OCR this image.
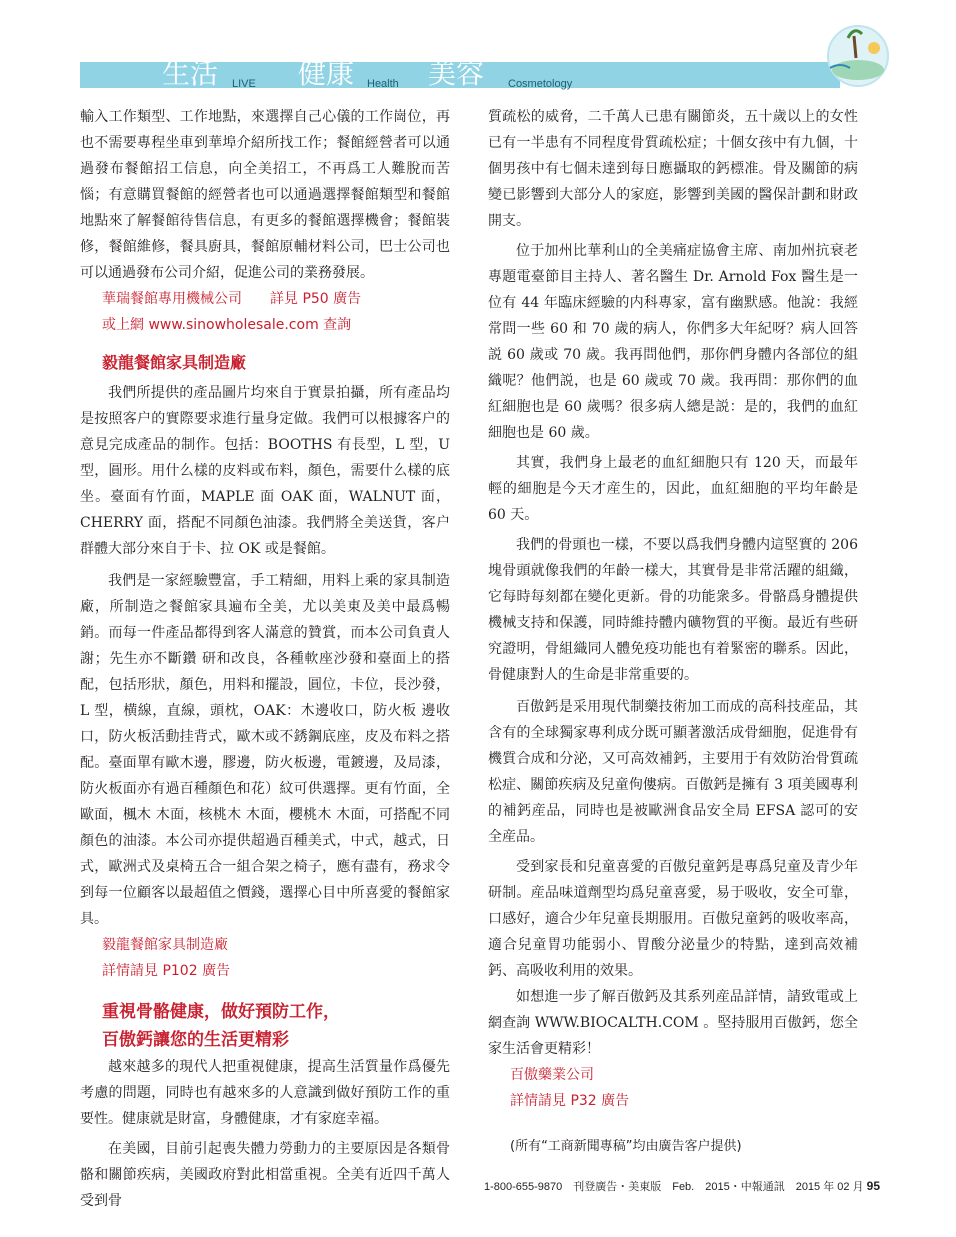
生活 LIVE 健康 Health 美容 Cosmetology

輸入工作類型、工作地點，來選擇自己心儀的工作崗位，再也不需要專程坐車到華埠介紹所找工作；餐館經營者可以通過發布餐館招工信息，向全美招工，不再爲工人難脫而苦惱；有意購買餐館的經營者也可以通過選擇餐館類型和餐館地點來了解餐館待售信息，有更多的餐館選擇機會；餐館裝修，餐館維修，餐具廚具，餐館原輔材料公司，巴士公司也可以通過發布公司介紹，促進公司的業務發展。

華瑞餐館專用機械公司　　詳見 P50 廣告
或上網 www.sinowholesale.com 查詢
毅龍餐館家具制造廠

我們所提供的產品圖片均來自于實景拍攝，所有產品均是按照客户的實際要求進行量身定做。我們可以根據客户的意見完成產品的制作。包括：BOOTHS 有長型，L 型，U 型，圓形。用什么樣的皮料或布料，顏色，需要什么樣的底坐。臺面有竹面，MAPLE 面 OAK 面，WALNUT 面，CHERRY 面，搭配不同顏色油漆。我們將全美送貨，客户群體大部分來自于卡、拉 OK 或是餐館。

我們是一家經驗豐富，手工精細，用料上乘的家具制造廠，所制造之餐館家具遍布全美，尤以美東及美中最爲暢銷。而每一件產品都得到客人滿意的贊賞，而本公司負責人謝；先生亦不斷鑽 研和改良，各種軟座沙發和臺面上的搭配，包括形狀，顏色，用料和擺設，圓位，卡位，長沙發，L 型，横線，直線，頭枕，OAK：木邊收口，防火板 邊收口，防火板活動挂背式，歐木或不銹鋼底座，皮及布料之搭配。臺面單有歐木邊，膠邊，防火板邊，電鍍邊，及局漆，防火板面亦有過百種顏色和花）紋可供選擇。更有竹面，全歐面，楓木 木面，核桃木 木面，櫻桃木 木面，可搭配不同顏色的油漆。本公司亦提供超過百種美式，中式，越式，日式，歐洲式及桌椅五合一組合架之椅子，應有盡有，務求令到每一位顧客以最超值之價錢，選擇心目中所喜愛的餐館家具。

毅龍餐館家具制造廠
詳情請見 P102 廣告
重視骨骼健康，做好預防工作，
百傲鈣讓您的生活更精彩

越來越多的現代人把重視健康，提高生活質量作爲優先考慮的問題，同時也有越來多的人意識到做好預防工作的重要性。健康就是財富，身體健康，才有家庭幸福。

在美國，目前引起喪失體力勞動力的主要原因是各類骨骼和關節疾病，美國政府對此相當重視。全美有近四千萬人受到骨

質疏松的威脅，二千萬人已患有關節炎，五十歲以上的女性已有一半患有不同程度骨質疏松症；十個女孩中有九個，十個男孩中有七個未達到每日應攝取的鈣標准。骨及關節的病變已影響到大部分人的家庭，影響到美國的醫保計劃和財政開支。

位于加州比華利山的全美痛症協會主席、南加州抗衰老專題電臺節目主持人、著名醫生 Dr. Arnold Fox 醫生是一位有 44 年臨床經驗的内科專家，富有幽默感。他說：我經常問一些 60 和 70 歲的病人，你們多大年紀呀？病人回答説 60 歲或 70 歲。我再問他們，那你們身體内各部位的組織呢？他們説，也是 60 歲或 70 歲。我再問：那你們的血紅細胞也是 60 歲嗎？很多病人總是説：是的，我們的血紅細胞也是 60 歲。

其實，我們身上最老的血紅細胞只有 120 天，而最年輕的細胞是今天才産生的，因此，血紅細胞的平均年齡是 60 天。

我們的骨頭也一樣，不要以爲我們身體内這堅實的 206 塊骨頭就像我們的年齡一樣大，其實骨是非常活躍的組織，它每時每刻都在變化更新。骨的功能衆多。骨骼爲身體提供機械支持和保護，同時維持體内礦物質的平衡。最近有些研究證明，骨組織同人體免疫功能也有着緊密的聯系。因此，骨健康對人的生命是非常重要的。

百傲鈣是采用現代制藥技術加工而成的高科技産品，其含有的全球獨家專利成分既可顯著激活成骨細胞，促進骨有機質合成和分泌，又可高效補鈣，主要用于有效防治骨質疏松症、關節疾病及兒童佝僂病。百傲鈣是擁有 3 項美國專利的補鈣産品，同時也是被歐洲食品安全局 EFSA 認可的安全産品。

受到家長和兒童喜愛的百傲兒童鈣是專爲兒童及青少年研制。産品味道劑型均爲兒童喜愛，易于吸收，安全可靠，口感好，適合少年兒童長期服用。百傲兒童鈣的吸收率高，適合兒童胃功能弱小、胃酸分泌量少的特點，達到高效補鈣、高吸收利用的效果。

如想進一步了解百傲鈣及其系列産品詳情，請致電或上網查詢 WWW.BIOCALTH.COM 。堅持服用百傲鈣，您全家生活會更精彩！

百傲藥業公司
詳情請見 P32 廣告
(所有“工商新聞專稿”均由廣告客户提供)
1-800-655-9870　刊登廣告・美東版　Feb.　2015・中報通訊　2015 年 02 月 95
